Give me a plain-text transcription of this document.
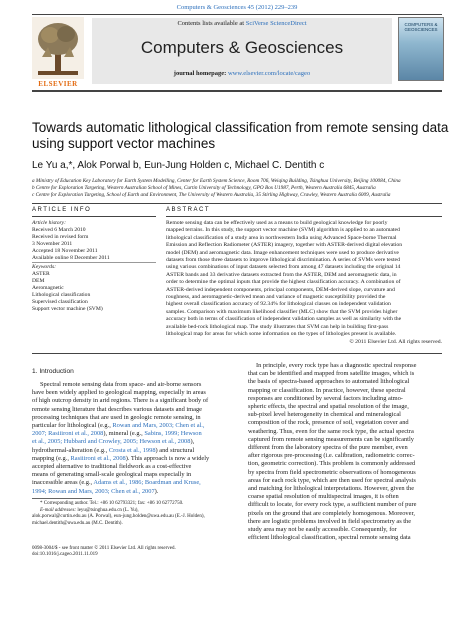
Computers & Geosciences 45 (2012) 229–239
ELSEVIER
Contents lists available at SciVerse ScienceDirect
Computers & Geosciences
journal homepage: www.elsevier.com/locate/cageo
COMPUTERS & GEOSCIENCES
Towards automatic lithological classification from remote sensing data
using support vector machines
Le Yu a,*, Alok Porwal b, Eun-Jung Holden c, Michael C. Dentith c
a Ministry of Education Key Laboratory for Earth System Modelling, Center for Earth System Science, Room 706, Weiqing Building, Tsinghua University, Beijing 100084, China
b Centre for Exploration Targeting, Western Australian School of Mines, Curtin University of Technology, GPO Box U1987, Perth, Western Australia 6845, Australia
c Centre for Exploration Targeting, School of Earth and Environment, The University of Western Australia, 35 Stirling Highway, Crawley, Western Australia 6009, Australia
ARTICLE INFO	ABSTRACT
Article history:
Received 6 March 2010
Received in revised form
3 November 2011
Accepted 18 November 2011
Available online 8 December 2011
Keywords:
ASTER
DEM
Aeromagnetic
Lithological classification
Supervised classification
Support vector machine (SVM)
Remote sensing data can be effectively used as a means to build geological knowledge for poorly
mapped terrains. In this study, the support vector machine (SVM) algorithm is applied to an automated
lithological classification of a study area in northwestern India using Advanced Space-borne Thermal
Emission and Reflection Radiometer (ASTER) imagery, together with ASTER-derived digital elevation
model (DEM) and aeromagnetic data. Image enhancement techniques were used to produce derivative
datasets from those three datasets to improve lithological discrimination. A series of SVMs were tested
using various combinations of input datasets selected from among 47 datasets including the original 14
ASTER bands and 33 derivative datasets extracted from the ASTER, DEM and aeromagnetic data, in
order to determine the optimal inputs that provide the highest classification accuracy. A combination of
ASTER-derived independent components, principal components, DEM-derived slope, curvature and
roughness, and aeromagnetic-derived mean and variance of magnetic susceptibility provided the
highest overall classification accuracy of 92.34% for lithological classes on independent validation
samples. Comparison with maximum likelihood classifier (MLC) show that the SVM provides higher
accuracy both in terms of classification of independent validation samples as well as similarity with the
available bed-rock lithological map. The study illustrates that SVM can help in building first-pass
lithological map for areas for which some information on the types of lithologies present is available.
© 2011 Elsevier Ltd. All rights reserved.
1. Introduction
Spectral remote sensing data from space- and air-borne sensors
have been widely applied to geological mapping, especially in areas
of high outcrop density in arid regions. There is a significant body of
remote sensing literature that describes various datasets and image
processing techniques that are used in geologic remote sensing, in
particular for lithological (e.g., Rowan and Mars, 2003; Chen et al.,
2007; Rasiiironi et al., 2008), mineral (e.g., Sabins, 1999; Hewson
et al., 2005; Hubbard and Crowley, 2005; Hewson et al., 2008),
hydrothermal-alteration (e.g., Crosta et al., 1998) and structural
mapping (e.g., Rasiiironi et al., 2008). This approach is now a widely
accepted alternative to traditional fieldwork as a cost-effective
means of generating small-scale geological maps especially in
inaccessible areas (e.g., Adams et al., 1986; Boardman and Kruse,
1994; Rowan and Mars, 2003; Chen et al., 2007).
In principle, every rock type has a diagnostic spectral response
that can be identified and mapped from satellite images, which is
the basis of spectra-based approaches to automated lithological
mapping or classification. In practice, however, these spectral
responses are conditioned by several factors including atmo-
spheric effects, the spectral and spatial resolution of the image,
sub-pixel level heterogeneity in chemical and mineralogical
composition of the rock, presence of soil, vegetation cover and
weathering. Thus, even for the same rock type, the actual spectra
captured from remote sensing measurements can be significantly
different from the laboratory spectra of the pure member, even
after rigorous pre-processing (i.e. calibration, radiometric correc-
tion, geometric correction). This problem is commonly addressed
by spectra from field spectrometric observations of homogeneous
areas for each rock type, which are then used for spectral analysis
and matching for lithological interpretations. However, given the
coarse spatial resolution of multispectral images, it is often
difficult to locate, for every rock type, a sufficient number of pure
pixels on the ground that are completely homogenous. Moreover,
there are logistic problems involved in field spectrometry as the
study area may not be easily accessible. Consequently, for
efficient lithological classification, spectral remote sensing data
* Corresponding author. Tel.: +86 10 62793321; fax: +86 10 62772750.
E-mail addresses: leyu@tsinghua.edu.cn (L. Yu),
alok.porwal@curtin.edu.au (A. Porwal), eun-jung.holden@uwa.edu.au (E.-J. Holden),
michael.dentith@uwa.edu.au (M.C. Dentith).
0098-3004/$ - see front matter © 2011 Elsevier Ltd. All rights reserved.
doi:10.1016/j.cageo.2011.11.019
